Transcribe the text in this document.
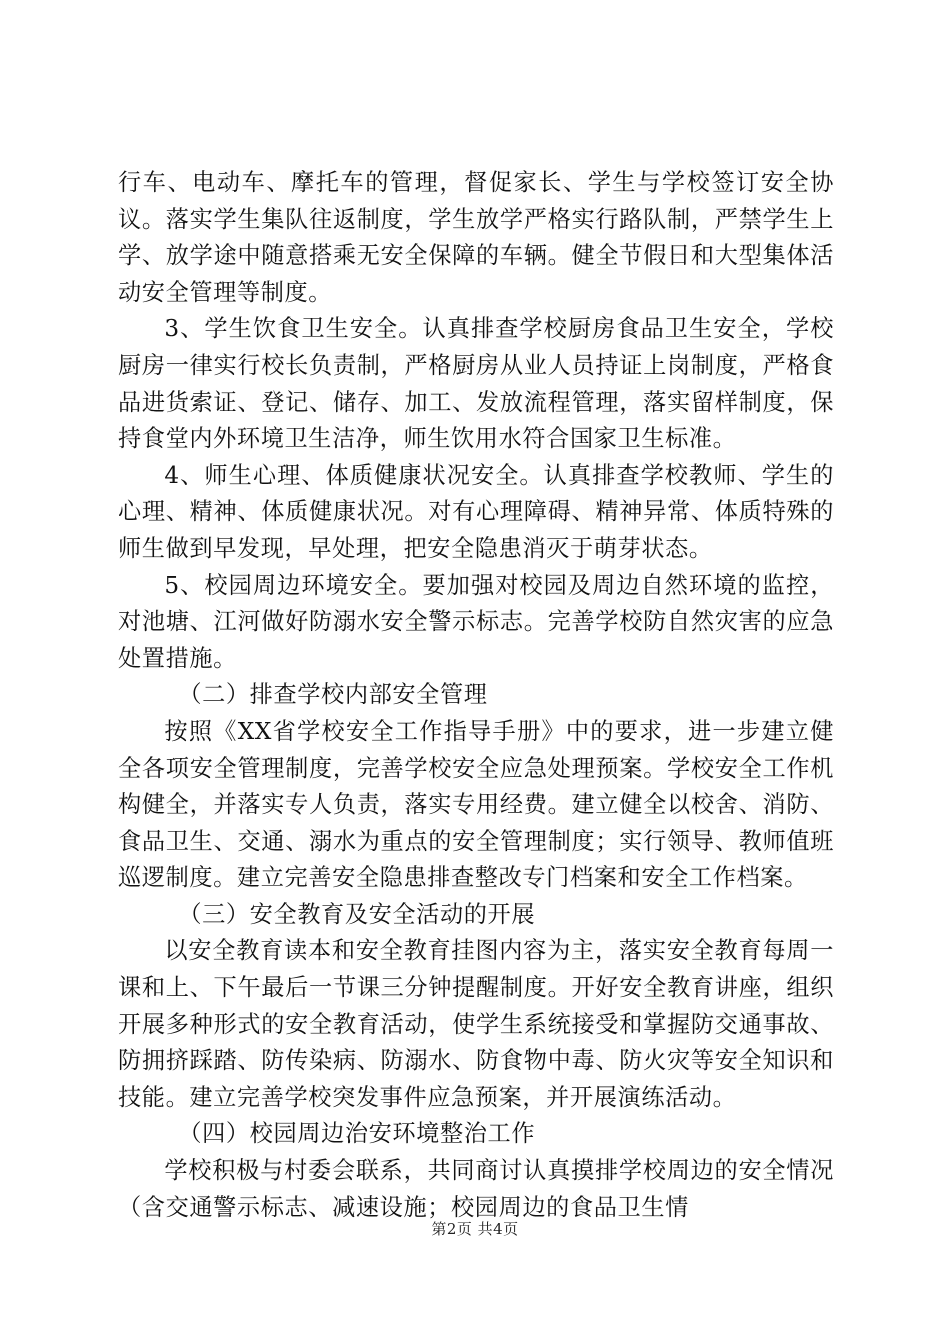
行车、电动车、摩托车的管理，督促家长、学生与学校签订安全协议。落实学生集队往返制度，学生放学严格实行路队制，严禁学生上学、放学途中随意搭乘无安全保障的车辆。健全节假日和大型集体活动安全管理等制度。

3、学生饮食卫生安全。认真排查学校厨房食品卫生安全，学校厨房一律实行校长负责制，严格厨房从业人员持证上岗制度，严格食品进货索证、登记、储存、加工、发放流程管理，落实留样制度，保持食堂内外环境卫生洁净，师生饮用水符合国家卫生标准。

4、师生心理、体质健康状况安全。认真排查学校教师、学生的心理、精神、体质健康状况。对有心理障碍、精神异常、体质特殊的师生做到早发现，早处理，把安全隐患消灭于萌芽状态。

5、校园周边环境安全。要加强对校园及周边自然环境的监控，对池塘、江河做好防溺水安全警示标志。完善学校防自然灾害的应急处置措施。

（二）排查学校内部安全管理

按照《XX省学校安全工作指导手册》中的要求，进一步建立健全各项安全管理制度，完善学校安全应急处理预案。学校安全工作机构健全，并落实专人负责，落实专用经费。建立健全以校舍、消防、食品卫生、交通、溺水为重点的安全管理制度；实行领导、教师值班巡逻制度。建立完善安全隐患排查整改专门档案和安全工作档案。

（三）安全教育及安全活动的开展

以安全教育读本和安全教育挂图内容为主，落实安全教育每周一课和上、下午最后一节课三分钟提醒制度。开好安全教育讲座，组织开展多种形式的安全教育活动，使学生系统接受和掌握防交通事故、防拥挤踩踏、防传染病、防溺水、防食物中毒、防火灾等安全知识和技能。建立完善学校突发事件应急预案，并开展演练活动。

（四）校园周边治安环境整治工作

学校积极与村委会联系，共同商讨认真摸排学校周边的安全情况（含交通警示标志、减速设施；校园周边的食品卫生情

第2页 共4页
